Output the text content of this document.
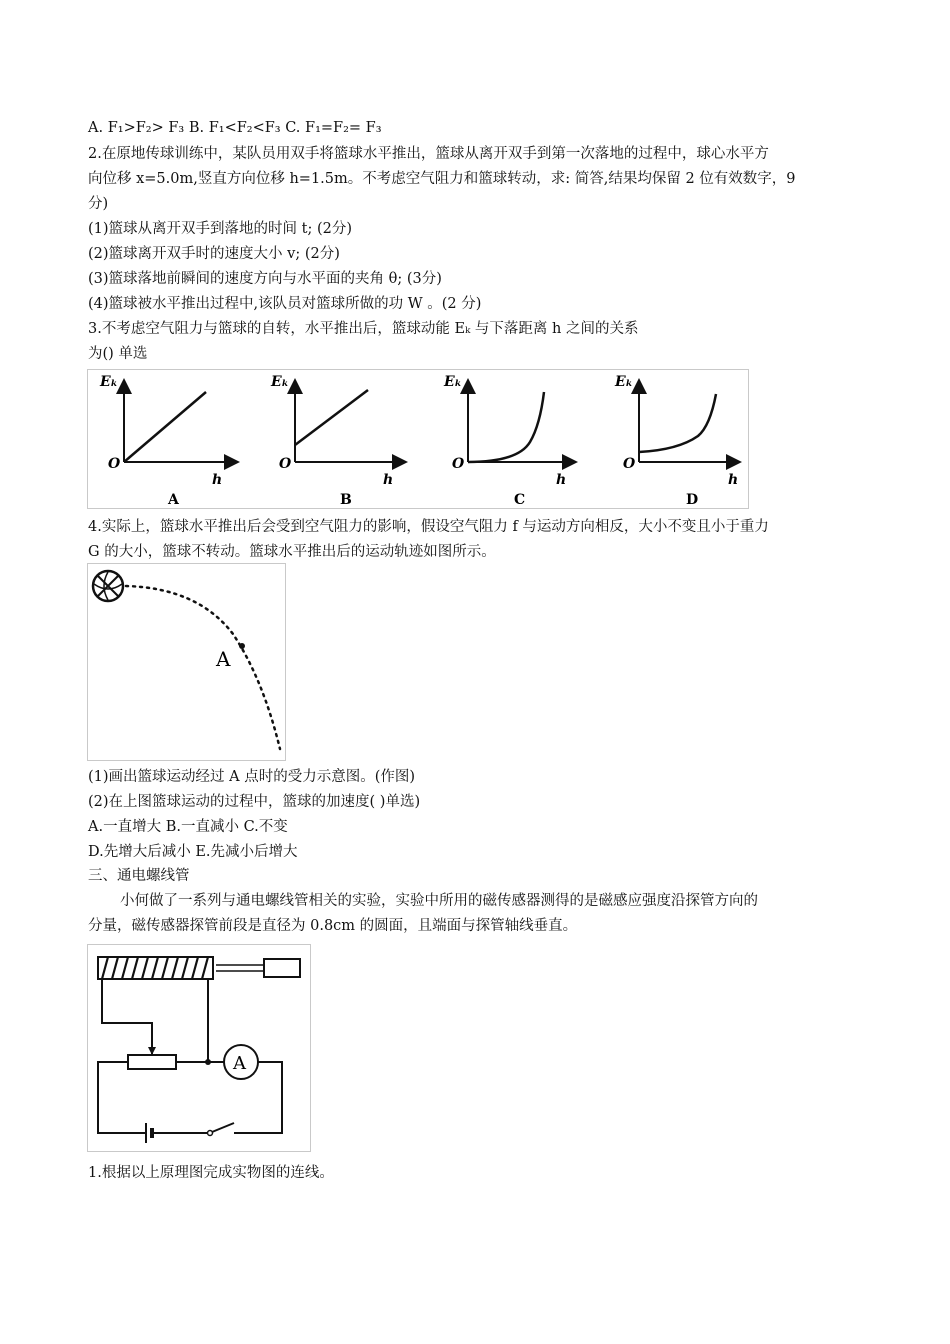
A. F₁>F₂> F₃ B. F₁<F₂<F₃ C. F₁=F₂= F₃
2.在原地传球训练中，某队员用双手将篮球水平推出，篮球从离开双手到第一次落地的过程中，球心水平方
向位移 x=5.0m,竖直方向位移 h=1.5m。不考虑空气阻力和篮球转动，求: 简答,结果均保留 2 位有效数字，9
分)
(1)篮球从离开双手到落地的时间 t; (2分)
(2)篮球离开双手时的速度大小 v; (2分)
(3)篮球落地前瞬间的速度方向与水平面的夹角 θ; (3分)
(4)篮球被水平推出过程中,该队员对篮球所做的功 W 。(2 分)
3.不考虑空气阻力与篮球的自转，水平推出后，篮球动能 Eₖ 与下落距离 h 之间的关系
为() 单选
Eₖ
O
h
A
Eₖ
O
h
B
Eₖ
O
h
C
Eₖ
O
h
D
4.实际上，篮球水平推出后会受到空气阻力的影响，假设空气阻力 f 与运动方向相反，大小不变且小于重力
G 的大小，篮球不转动。篮球水平推出后的运动轨迹如图所示。
A
(1)画出篮球运动经过 A 点时的受力示意图。(作图)
(2)在上图篮球运动的过程中，篮球的加速度( )单选)
A.一直增大 B.一直减小 C.不变
D.先增大后减小 E.先减小后增大
三、通电螺线管
小何做了一系列与通电螺线管相关的实验，实验中所用的磁传感器测得的是磁感应强度沿探管方向的
分量，磁传感器探管前段是直径为 0.8cm 的圆面，且端面与探管轴线垂直。
A
1.根据以上原理图完成实物图的连线。
